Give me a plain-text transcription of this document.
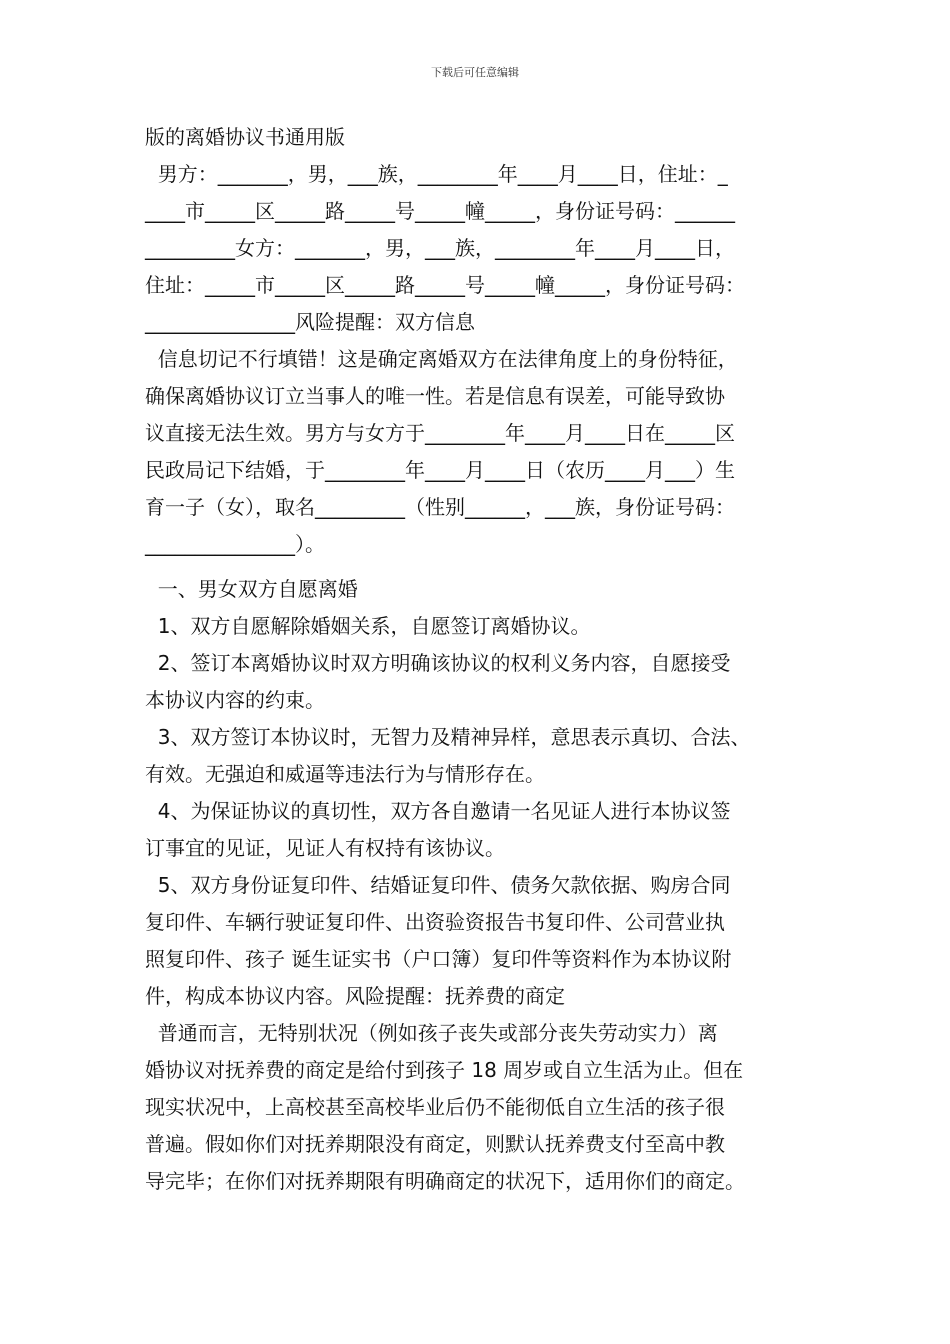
下载后可任意编辑
版的离婚协议书通用版
男方：_______，男，___族，________年____月____日，住址：_
____市_____区_____路_____号_____幢_____，身份证号码：______
_________女方：_______，男，___族，________年____月____日，
住址：_____市_____区_____路_____号_____幢_____，身份证号码：
_______________风险提醒：双方信息
信息切记不行填错！这是确定离婚双方在法律角度上的身份特征，
确保离婚协议订立当事人的唯一性。若是信息有误差，可能导致协
议直接无法生效。男方与女方于________年____月____日在_____区
民政局记下结婚，于________年____月____日（农历____月___）生
育一子（女），取名_________（性别______，___族，身份证号码：
_______________）。
一、男女双方自愿离婚
1、双方自愿解除婚姻关系，自愿签订离婚协议。
2、签订本离婚协议时双方明确该协议的权利义务内容，自愿接受
本协议内容的约束。
3、双方签订本协议时，无智力及精神异样，意思表示真切、合法、
有效。无强迫和威逼等违法行为与情形存在。
4、为保证协议的真切性，双方各自邀请一名见证人进行本协议签
订事宜的见证，见证人有权持有该协议。
5、双方身份证复印件、结婚证复印件、债务欠款依据、购房合同
复印件、车辆行驶证复印件、出资验资报告书复印件、公司营业执
照复印件、孩子 诞生证实书（户口簿）复印件等资料作为本协议附
件，构成本协议内容。风险提醒：抚养费的商定
普通而言，无特别状况（例如孩子丧失或部分丧失劳动实力）离
婚协议对抚养费的商定是给付到孩子 18 周岁或自立生活为止。但在
现实状况中，上高校甚至高校毕业后仍不能彻低自立生活的孩子很
普遍。假如你们对抚养期限没有商定，则默认抚养费支付至高中教
导完毕；在你们对抚养期限有明确商定的状况下，适用你们的商定。
